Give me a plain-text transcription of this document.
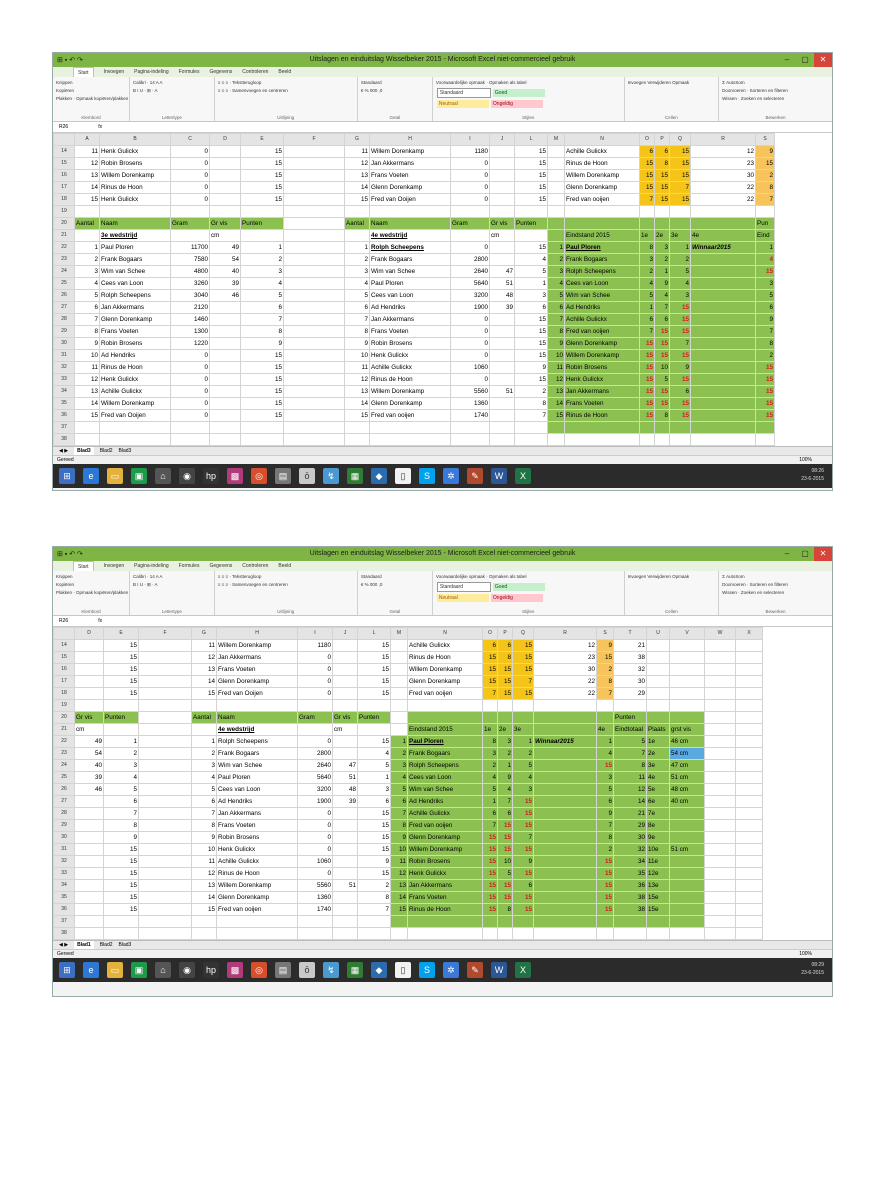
⊞ ▪ ↶ ↷	Uitslagen en einduitslag Wisselbeker 2015 - Microsoft Excel niet-commercieel gebruik	–	▢	✕
Start	Invoegen Pagina-indeling Formules Gegevens Controleren Beeld
Knippen
Kopiëren
Plakken · Opmaak kopiëren/plakken
Klembord
Calibri · 14 A A
B I U · ⊞ · A
Lettertype
≡ ≡ ≡ · Tekstterugloop
≡ ≡ ≡ · Samenvoegen en centreren
Uitlijning
Standaard
€ % 000 ,0
Getal
Voorwaardelijke opmaak · Opmaken als tabel
Standaard	Goed
Neutraal	Ongeldig
Stijlen
Invoegen Verwijderen Opmaak
Cellen
Σ AutoSom
Doorvoeren · Sorteren en filteren
Wissen · Zoeken en selecteren
Bewerken
R26	fx
	A	B	C	D	E	F	G	H	I	J	L	M	N	O	P	Q	R	S
14	11	Henk Gulickx	0		15		11	Willem Dorenkamp	1180		15		Achille Gulickx	6	6	15	12	9
15	12	Robin Brosens	0		15		12	Jan Akkermans	0		15		Rinus de Hoon	15	8	15	23	15
16	13	Willem Dorenkamp	0		15		13	Frans Voeten	0		15		Willem Dorenkamp	15	15	15	30	2
17	14	Rinus de Hoon	0		15		14	Glenn Dorenkamp	0		15		Glenn Dorenkamp	15	15	7	22	8
18	15	Henk Gulickx	0		15		15	Fred van Ooijen	0		15		Fred van ooijen	7	15	15	22	7
19																		
20	Aantal	Naam	Gram	Gr vis	Punten		Aantal	Naam	Gram	Gr vis	Punten							Pun
21		3e wedstrijd		cm				4e wedstrijd		cm			Eindstand 2015	1e	2e	3e	4e	Eind
22	1	Paul Ploren	11700	49	1		1	Rolph Scheepens	0		15	1	Paul Ploren	8	3	1	Winnaar2015	1
23	2	Frank Bogaars	7580	54	2		2	Frank Bogaars	2800		4	2	Frank Bogaars	3	2	2		4
24	3	Wim van Schee	4800	40	3		3	Wim van Schee	2640	47	5	3	Rolph Scheepens	2	1	5		15
25	4	Cees van Loon	3260	39	4		4	Paul Ploren	5640	51	1	4	Cees van Loon	4	9	4		3
26	5	Rolph Scheepens	3040	46	5		5	Cees van Loon	3200	48	3	5	Wim van Schee	5	4	3		5
27	6	Jan Akkermans	2120		6		6	Ad Hendriks	1900	39	6	6	Ad Hendriks	1	7	15		6
28	7	Glenn Dorenkamp	1460		7		7	Jan Akkermans	0		15	7	Achille Gulickx	6	6	15		9
29	8	Frans Voeten	1300		8		8	Frans Voeten	0		15	8	Fred van ooijen	7	15	15		7
30	9	Robin Brosens	1220		9		9	Robin Brosens	0		15	9	Glenn Dorenkamp	15	15	7		8
31	10	Ad Hendriks	0		15		10	Henk Gulickx	0		15	10	Willem Dorenkamp	15	15	15		2
32	11	Rinus de Hoon	0		15		11	Achille Gulickx	1060		9	11	Robin Brosens	15	10	9		15
33	12	Henk Gulickx	0		15		12	Rinus de Hoon	0		15	12	Henk Gulickx	15	5	15		15
34	13	Achille Gulickx	0		15		13	Willem Dorenkamp	5560	51	2	13	Jan Akkermans	15	15	6		15
35	14	Willem Dorenkamp	0		15		14	Glenn Dorenkamp	1360		8	14	Frans Voeten	15	15	15		15
36	15	Fred van Ooijen	0		15		15	Fred van ooijen	1740		7	15	Rinus de Hoon	15	8	15		15
37																		
38																		
◀ ▶	Blad3	Blad2 Blad3
Gereed	100%
⊞	e	▭	▣	⌂	◉	hp	▩	◎	▤	ō	↯	▦	◆	▯	S	✲	✎	W	X	08:26
23-6-2015
⊞ ▪ ↶ ↷	Uitslagen en einduitslag Wisselbeker 2015 - Microsoft Excel niet-commercieel gebruik	–	▢	✕
Start	Invoegen Pagina-indeling Formules Gegevens Controleren Beeld
Knippen
Kopiëren
Plakken · Opmaak kopiëren/plakken
Klembord
Calibri · 14 A A
B I U · ⊞ · A
Lettertype
≡ ≡ ≡ · Tekstterugloop
≡ ≡ ≡ · Samenvoegen en centreren
Uitlijning
Standaard
€ % 000 ,0
Getal
Voorwaardelijke opmaak · Opmaken als tabel
Standaard	Goed
Neutraal	Ongeldig
Stijlen
Invoegen Verwijderen Opmaak
Cellen
Σ AutoSom
Doorvoeren · Sorteren en filteren
Wissen · Zoeken en selecteren
Bewerken
R26	fx
	D	E	F	G	H	I	J	L	M	N	O	P	Q	R	S	T	U	V	W	X
14		15		11	Willem Dorenkamp	1180		15		Achille Gulickx	6	6	15	12	9	21				
15		15		12	Jan Akkermans	0		15		Rinus de Hoon	15	8	15	23	15	38				
16		15		13	Frans Voeten	0		15		Willem Dorenkamp	15	15	15	30	2	32				
17		15		14	Glenn Dorenkamp	0		15		Glenn Dorenkamp	15	15	7	22	8	30				
18		15		15	Fred van Ooijen	0		15		Fred van ooijen	7	15	15	22	7	29				
19																				
20	Gr vis	Punten		Aantal	Naam	Gram	Gr vis	Punten								Punten				
21	cm				4e wedstrijd		cm			Eindstand 2015	1e	2e	3e		4e	Eindtotaal	Plaats	grst vis		
22	49	1		1	Rolph Scheepens	0		15	1	Paul Ploren	8	3	1	Winnaar2015	1	5	1e	46 cm		
23	54	2		2	Frank Bogaars	2800		4	2	Frank Bogaars	3	2	2		4	7	2e	54 cm		
24	40	3		3	Wim van Schee	2640	47	5	3	Rolph Scheepens	2	1	5		15	8	3e	47 cm		
25	39	4		4	Paul Ploren	5640	51	1	4	Cees van Loon	4	9	4		3	11	4e	51 cm		
26	46	5		5	Cees van Loon	3200	48	3	5	Wim van Schee	5	4	3		5	12	5e	48 cm		
27		6		6	Ad Hendriks	1900	39	6	6	Ad Hendriks	1	7	15		6	14	6e	40 cm		
28		7		7	Jan Akkermans	0		15	7	Achille Gulickx	6	6	15		9	21	7e			
29		8		8	Frans Voeten	0		15	8	Fred van ooijen	7	15	15		7	29	8e			
30		9		9	Robin Brosens	0		15	9	Glenn Dorenkamp	15	15	7		8	30	9e			
31		15		10	Henk Gulickx	0		15	10	Willem Dorenkamp	15	15	15		2	32	10e	51 cm		
32		15		11	Achille Gulickx	1060		9	11	Robin Brosens	15	10	9		15	34	11e			
33		15		12	Rinus de Hoon	0		15	12	Henk Gulickx	15	5	15		15	35	12e			
34		15		13	Willem Dorenkamp	5560	51	2	13	Jan Akkermans	15	15	6		15	36	13e			
35		15		14	Glenn Dorenkamp	1360		8	14	Frans Voeten	15	15	15		15	38	15e			
36		15		15	Fred van ooijen	1740		7	15	Rinus de Hoon	15	8	15		15	38	15e			
37																				
38																				
◀ ▶	Blad1	Blad2 Blad3
Gereed	100%
⊞	e	▭	▣	⌂	◉	hp	▩	◎	▤	ō	↯	▦	◆	▯	S	✲	✎	W	X	08:29
23-6-2015
